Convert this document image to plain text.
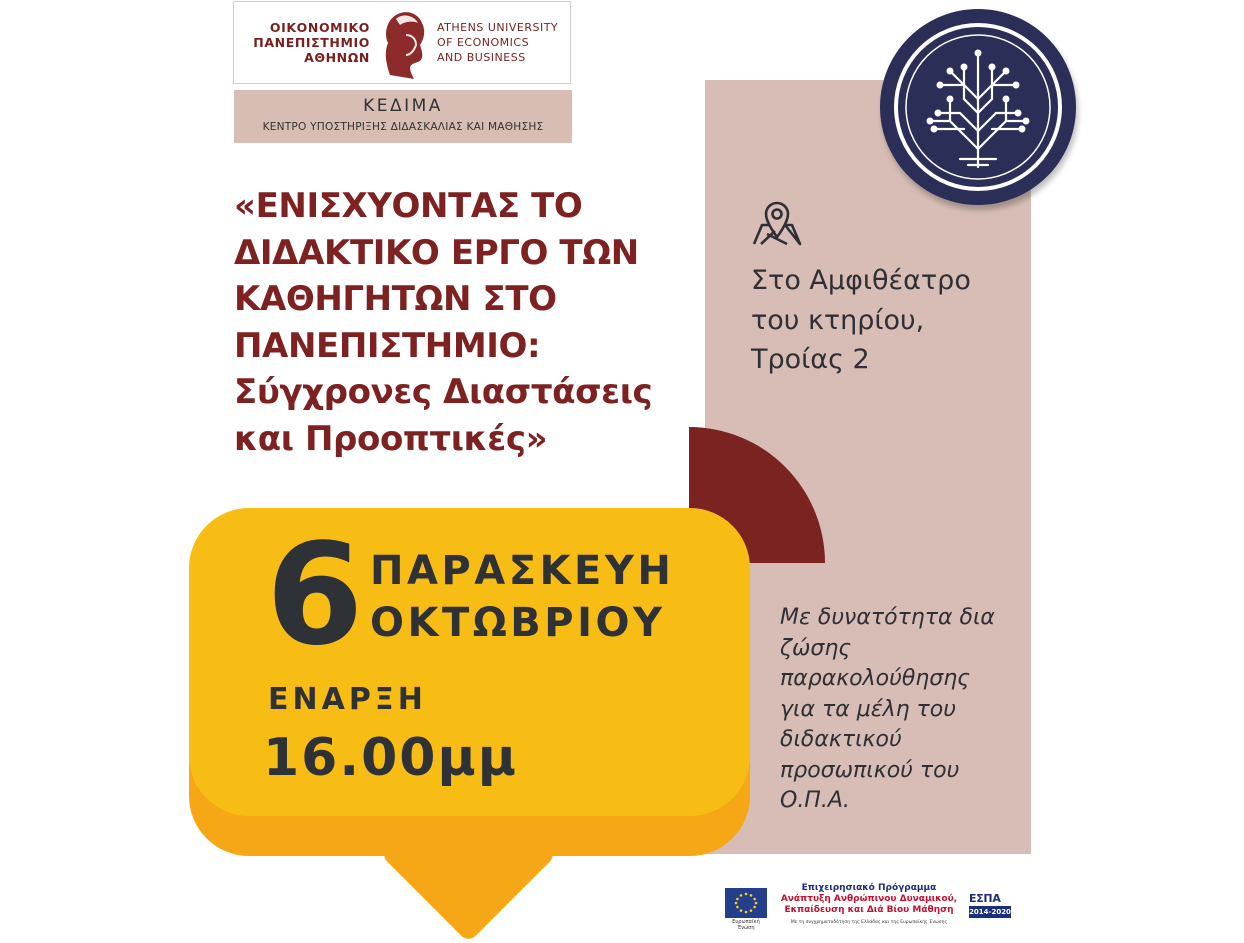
ΟΙΚΟΝΟΜΙΚΟ
ΠΑΝΕΠΙΣΤΗΜΙΟ
ΑΘΗΝΩΝ
ATHENS UNIVERSITY
OF ECONOMICS
AND BUSINESS
ΚΕΔΙΜΑ
ΚΕΝΤΡΟ ΥΠΟΣΤΗΡΙΞΗΣ ΔΙΔΑΣΚΑΛΙΑΣ ΚΑΙ ΜΑΘΗΣΗΣ
«ΕΝΙΣΧΥΟΝΤΑΣ ΤΟ
ΔΙΔΑΚΤΙΚΟ ΕΡΓΟ ΤΩΝ
ΚΑΘΗΓΗΤΩΝ ΣΤΟ
ΠΑΝΕΠΙΣΤΗΜΙΟ:
Σύγχρονες Διαστάσεις
και Προοπτικές»
Στο Αμφιθέατρο
του κτηρίου,
Τροίας 2
Με δυνατότητα δια
ζώσης
παρακολούθησης
για τα μέλη του
διδακτικού
προσωπικού του
Ο.Π.Α.
6 ΠΑΡΑΣΚΕΥΗ
ΟΚΤΩΒΡΙΟΥ
ΕΝΑΡΞΗ
16.00μμ
Ευρωπαϊκή Ένωση
Επιχειρησιακό Πρόγραμμα
Ανάπτυξη Ανθρώπινου Δυναμικού,
Εκπαίδευση και Διά Βίου Μάθηση
Με τη συγχρηματοδότηση της Ελλάδας και της Ευρωπαϊκής Ένωσης
ΕΣΠΑ
2014-2020
